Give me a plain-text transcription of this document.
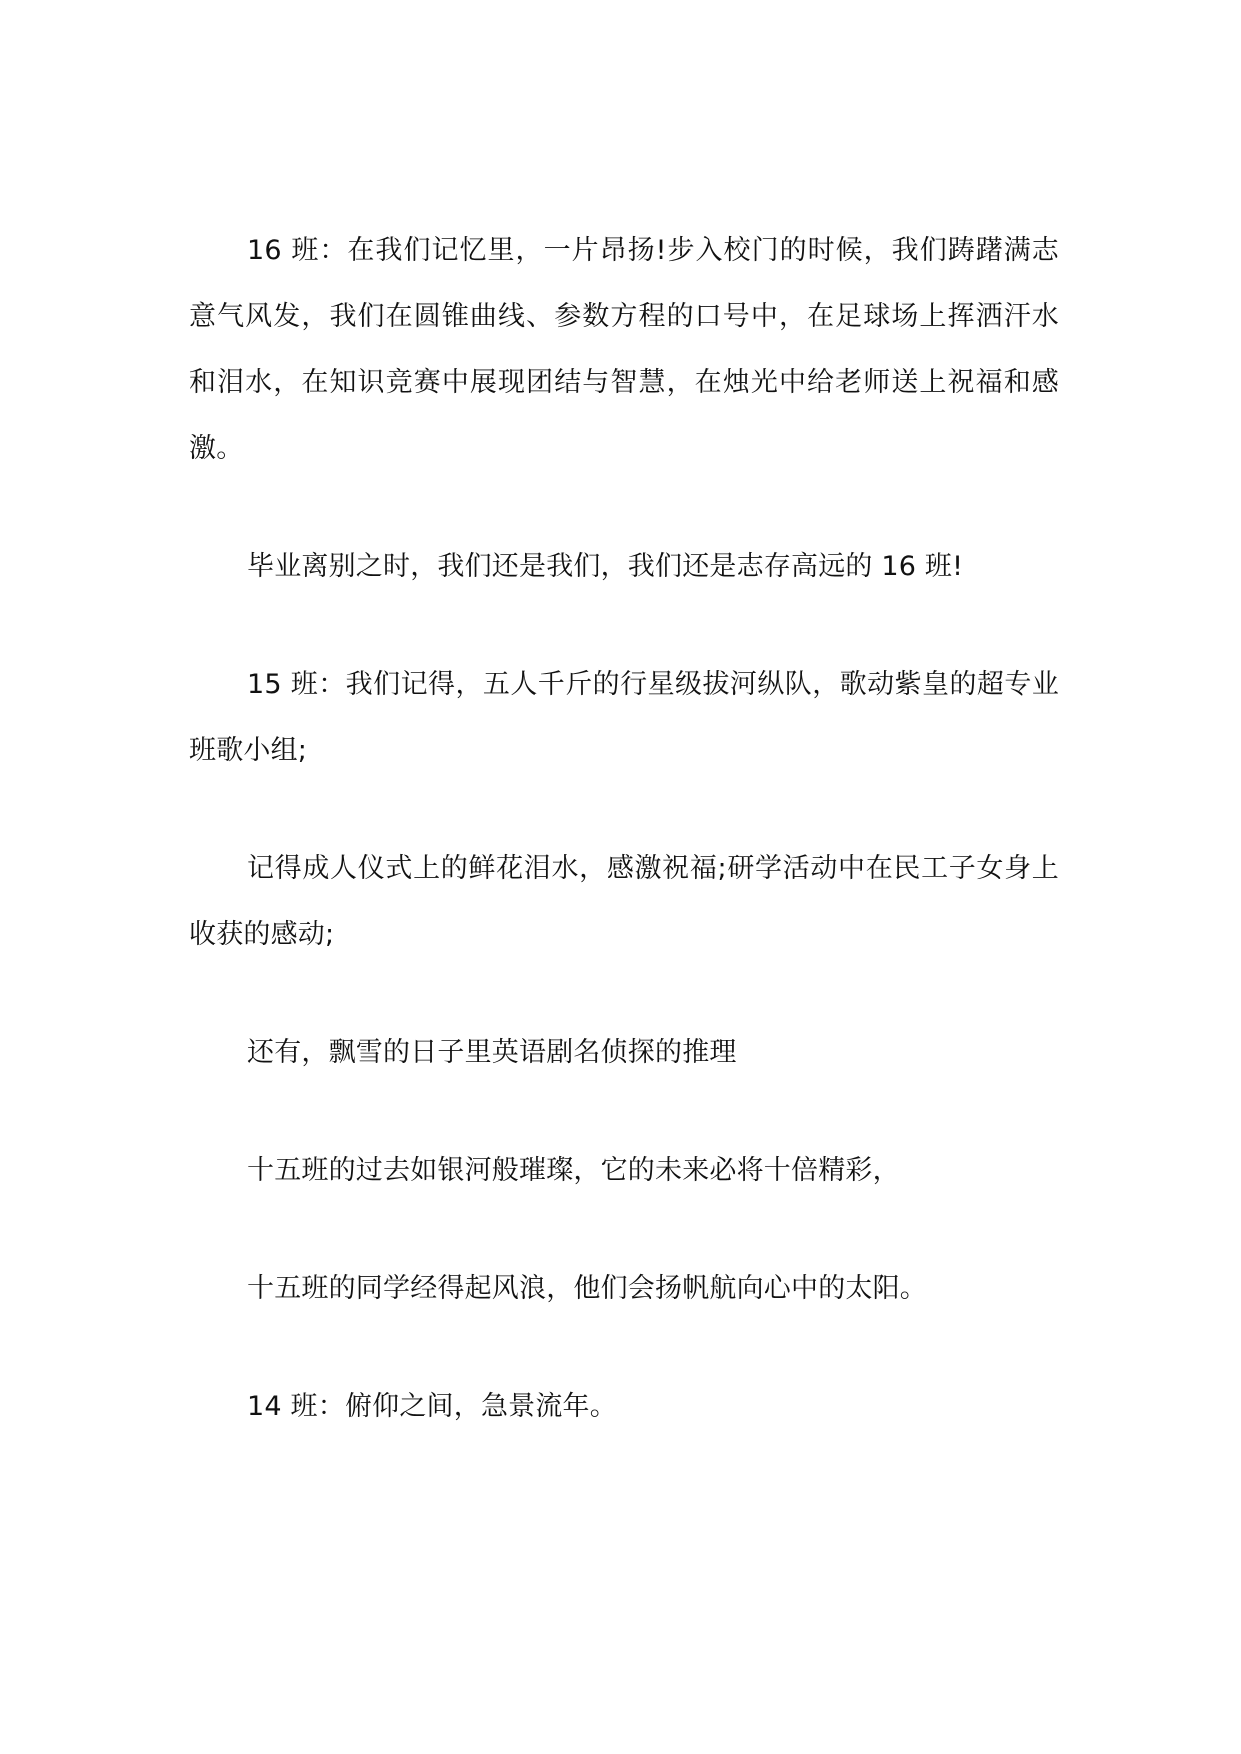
16 班：在我们记忆里，一片昂扬!步入校门的时候，我们踌躇满志意气风发，我们在圆锥曲线、参数方程的口号中，在足球场上挥洒汗水和泪水，在知识竞赛中展现团结与智慧，在烛光中给老师送上祝福和感激。

毕业离别之时，我们还是我们，我们还是志存高远的 16 班!

15 班：我们记得，五人千斤的行星级拔河纵队，歌动紫皇的超专业班歌小组;

记得成人仪式上的鲜花泪水，感激祝福;研学活动中在民工子女身上收获的感动;

还有，飘雪的日子里英语剧名侦探的推理

十五班的过去如银河般璀璨，它的未来必将十倍精彩，

十五班的同学经得起风浪，他们会扬帆航向心中的太阳。

14 班：俯仰之间，急景流年。
